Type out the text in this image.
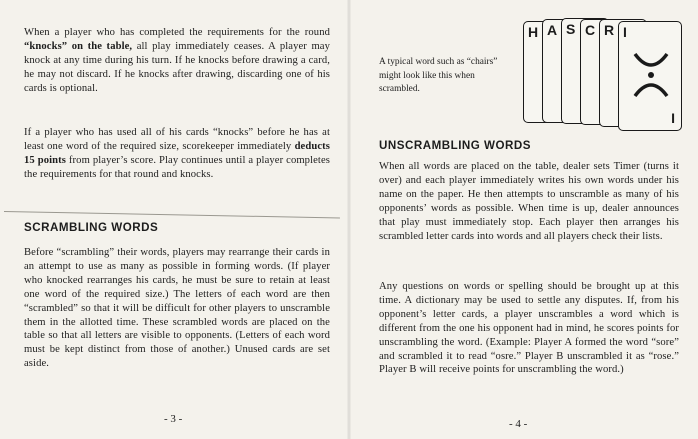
When a player who has completed the requirements for the round “knocks” on the table, all play immediately ceases. A player may knock at any time during his turn. If he knocks before drawing a card, he may not discard. If he knocks after drawing, discarding one of his cards is optional.

If a player who has used all of his cards “knocks” before he has at least one word of the required size, scorekeeper immediately deducts 15 points from player’s score. Play continues until a player completes the requirements for that round and knocks.

SCRAMBLING WORDS

Before “scrambling” their words, players may rearrange their cards in an attempt to use as many as possible in forming words. (If player who knocked rearranges his cards, he must be sure to retain at least one word of the required size.) The letters of each word are then “scrambled” so that it will be difficult for other players to unscramble them in the allotted time. These scrambled words are placed on the table so that all letters are visible to opponents. (Letters of each word must be kept distinct from those of another.) Unused cards are set aside.

- 3 -

A typical word such as “chairs” might look like this when scrambled.

H A S C R I
I
UNSCRAMBLING WORDS

When all words are placed on the table, dealer sets Timer (turns it over) and each player immediately writes his own words under his name on the paper. He then attempts to unscramble as many of his opponents’ words as possible. When time is up, dealer announces that play must immediately stop. Each player then arranges his scrambled letter cards into words and all players check their lists.

Any questions on words or spelling should be brought up at this time. A dictionary may be used to settle any disputes. If, from his opponent’s letter cards, a player unscrambles a word which is different from the one his opponent had in mind, he scores points for unscrambling the word. (Example: Player A formed the word “sore” and scrambled it to read “osre.” Player B unscrambled it as “rose.” Player B will receive points for unscrambling the word.)

- 4 -
